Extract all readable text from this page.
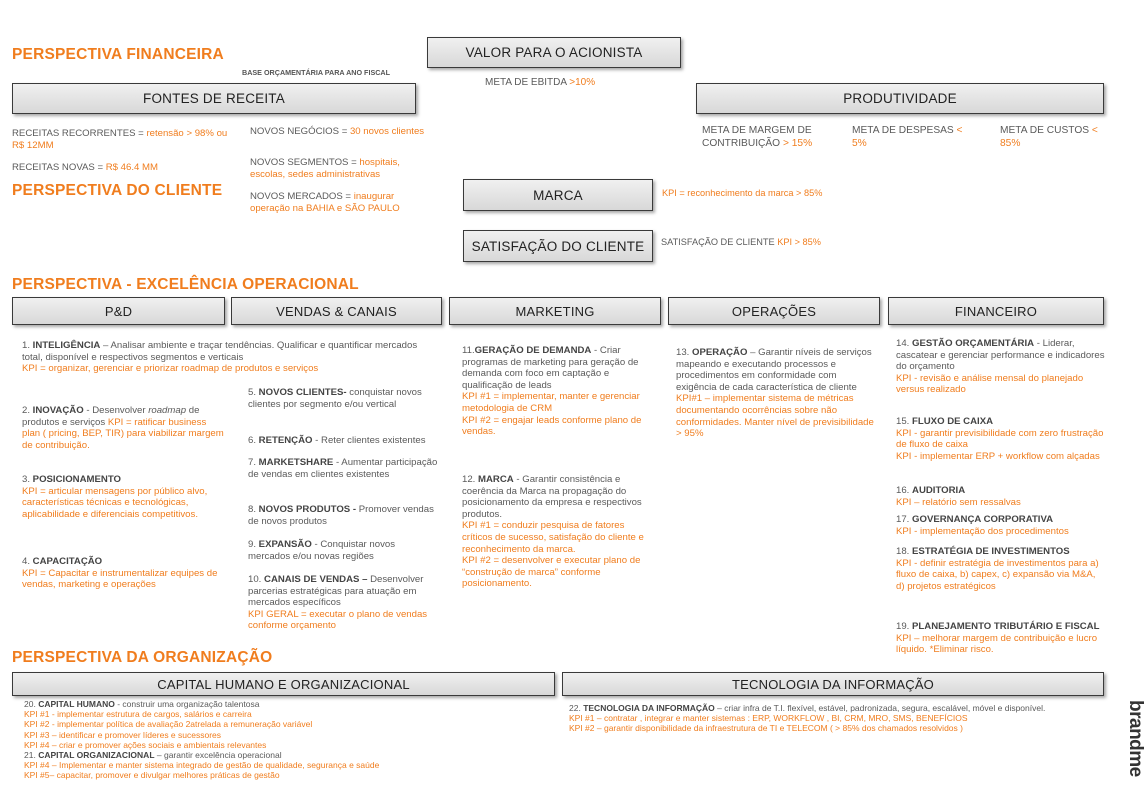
PERSPECTIVA FINANCEIRA
BASE ORÇAMENTÁRIA PARA ANO FISCAL
VALOR PARA O ACIONISTA
META DE EBITDA >10%
FONTES DE RECEITA
RECEITAS RECORRENTES = retensão > 98% ou R$ 12MM
RECEITAS NOVAS = R$ 46.4 MM
NOVOS NEGÓCIOS = 30 novos clientes
NOVOS SEGMENTOS = hospitais, escolas, sedes administrativas
NOVOS MERCADOS = inaugurar operação na BAHIA e SÃO PAULO
PRODUTIVIDADE
META DE MARGEM DE CONTRIBUIÇÃO > 15%
META DE DESPESAS < 5%
META DE CUSTOS < 85%
PERSPECTIVA DO CLIENTE	MARCA	KPI = reconhecimento da marca > 85%
SATISFAÇÃO DO CLIENTE	SATISFAÇÃO DE CLIENTE KPI > 85%
PERSPECTIVA - EXCELÊNCIA OPERACIONAL
P&D	VENDAS & CANAIS	MARKETING	OPERAÇÕES	FINANCEIRO

1. INTELIGÊNCIA – Analisar ambiente e traçar tendências. Qualificar e quantificar mercados total, disponível e respectivos segmentos e verticais

KPI = organizar, gerenciar e priorizar roadmap de produtos e serviços

2. INOVAÇÃO - Desenvolver roadmap de produtos e serviços KPI = ratificar business plan ( pricing, BEP, TIR) para viabilizar margem de contribuição.

3. POSICIONAMENTO

KPI = articular mensagens por público alvo, características técnicas e tecnológicas, aplicabilidade e diferenciais competitivos.

4. CAPACITAÇÃO

KPI = Capacitar e instrumentalizar equipes de vendas, marketing e operações

5. NOVOS CLIENTES- conquistar novos clientes por segmento e/ou vertical

6. RETENÇÃO - Reter clientes existentes

7. MARKETSHARE - Aumentar participação de vendas em clientes existentes

8. NOVOS PRODUTOS - Promover vendas de novos produtos

9. EXPANSÃO - Conquistar novos mercados e/ou novas regiões

10. CANAIS DE VENDAS – Desenvolver parcerias estratégicas para atuação em mercados específicos

KPI GERAL = executar o plano de vendas conforme orçamento

11.GERAÇÃO DE DEMANDA - Criar programas de marketing para geração de demanda com foco em captação e qualificação de leads

KPI #1 = implementar, manter e gerenciar metodologia de CRM

KPI #2 = engajar leads conforme plano de vendas.

12. MARCA - Garantir consistência e coerência da Marca na propagação do posicionamento da empresa e respectivos produtos.

KPI #1 = conduzir pesquisa de fatores críticos de sucesso, satisfação do cliente e reconhecimento da marca.

KPI #2 = desenvolver e executar plano de “construção de marca” conforme posicionamento.

13. OPERAÇÃO – Garantir níveis de serviços mapeando e executando processos e procedimentos em conformidade com exigência de cada característica de cliente

KPI#1 – implementar sistema de métricas documentando ocorrências sobre não conformidades. Manter nível de previsibilidade > 95%

14. GESTÃO ORÇAMENTÁRIA - Liderar, cascatear e gerenciar performance e indicadores do orçamento

KPI - revisão e análise mensal do planejado versus realizado

15. FLUXO DE CAIXA

KPI - garantir previsibilidade com zero frustração de fluxo de caixa

KPI - implementar ERP + workflow com alçadas

16. AUDITORIA

KPI – relatório sem ressalvas

17. GOVERNANÇA CORPORATIVA

KPI - implementação dos procedimentos

18. ESTRATÉGIA DE INVESTIMENTOS

KPI - definir estratégia de investimentos para a) fluxo de caixa, b) capex, c) expansão via M&A, d) projetos estratégicos

19. PLANEJAMENTO TRIBUTÁRIO E FISCAL

KPI – melhorar margem de contribuição e lucro líquido. *Eliminar risco.

PERSPECTIVA DA ORGANIZAÇÃO
CAPITAL HUMANO E ORGANIZACIONAL	TECNOLOGIA DA INFORMAÇÃO

20. CAPITAL HUMANO - construir uma organização talentosa

KPI #1 - implementar estrutura de cargos, salários e carreira

KPI #2 - implementar política de avaliação 2atrelada a remuneração variável

KPI #3 – identificar e promover líderes e sucessores

KPI #4 – criar e promover ações sociais e ambientais relevantes

21. CAPITAL ORGANIZACIONAL – garantir excelência operacional

KPI #4 – Implementar e manter sistema integrado de gestão de qualidade, segurança e saúde

KPI #5– capacitar, promover e divulgar melhores práticas de gestão

22. TECNOLOGIA DA INFORMAÇÃO – criar infra de T.I. flexível, estável, padronizada, segura, escalável, móvel e disponível.

KPI #1 – contratar , integrar e manter sistemas : ERP, WORKFLOW , BI, CRM, MRO, SMS, BENEFÍCIOS

KPI #2 – garantir disponibilidade da infraestrutura de TI e TELECOM ( > 85% dos chamados resolvidos )	brandme
